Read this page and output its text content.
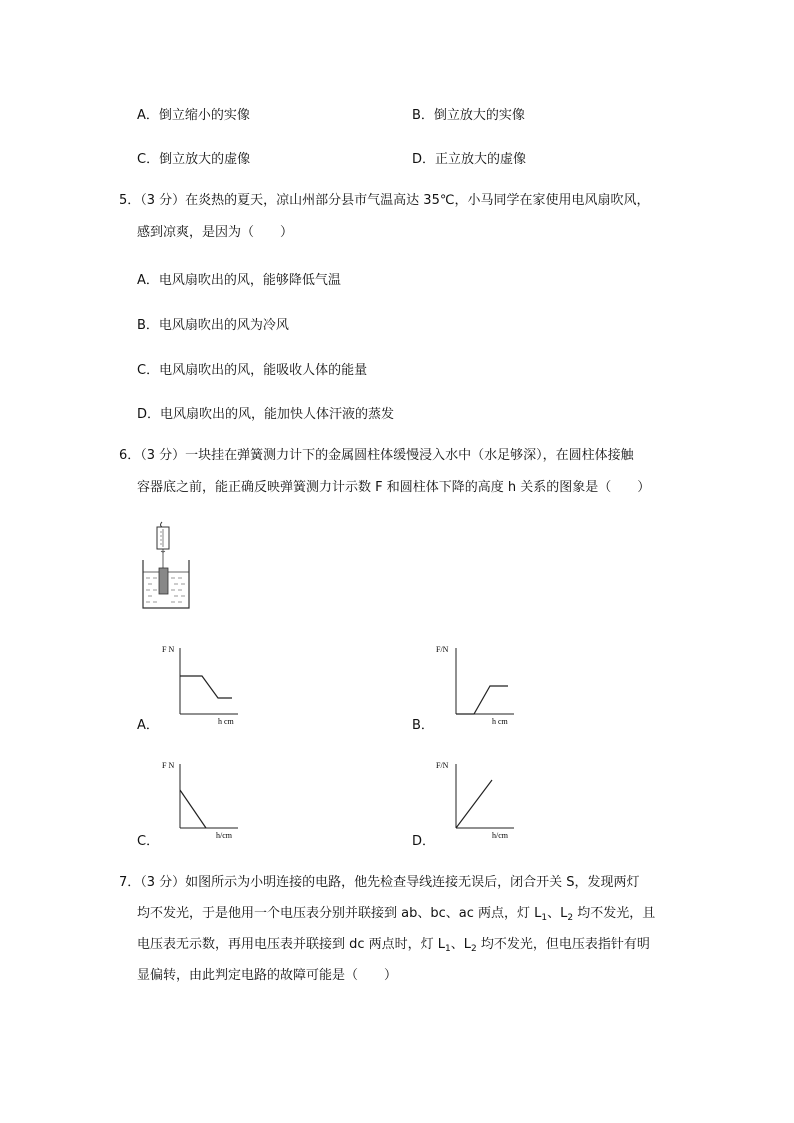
A．倒立缩小的实像	B．倒立放大的实像
C．倒立放大的虚像	D．正立放大的虚像
5．（3 分）在炎热的夏天，凉山州部分县市气温高达 35℃，小马同学在家使用电风扇吹风，
感到凉爽，是因为（　　）
A．电风扇吹出的风，能够降低气温
B．电风扇吹出的风为冷风
C．电风扇吹出的风，能吸收人体的能量
D．电风扇吹出的风，能加快人体汗液的蒸发
6．（3 分）一块挂在弹簧测力计下的金属圆柱体缓慢浸入水中（水足够深），在圆柱体接触
容器底之前，能正确反映弹簧测力计示数 F 和圆柱体下降的高度 h 关系的图象是（　　）
F N
h cm
A．
F/N
h cm
B．
F N
h/cm
C．
F/N
h/cm
D．
7．（3 分）如图所示为小明连接的电路，他先检查导线连接无误后，闭合开关 S，发现两灯
均不发光，于是他用一个电压表分别并联接到 ab、bc、ac 两点，灯 $L_1$、$L_2$ 均不发光，且
电压表无示数，再用电压表并联接到 dc 两点时，灯 $L_1$、$L_2$ 均不发光，但电压表指针有明
显偏转，由此判定电路的故障可能是（　　）
